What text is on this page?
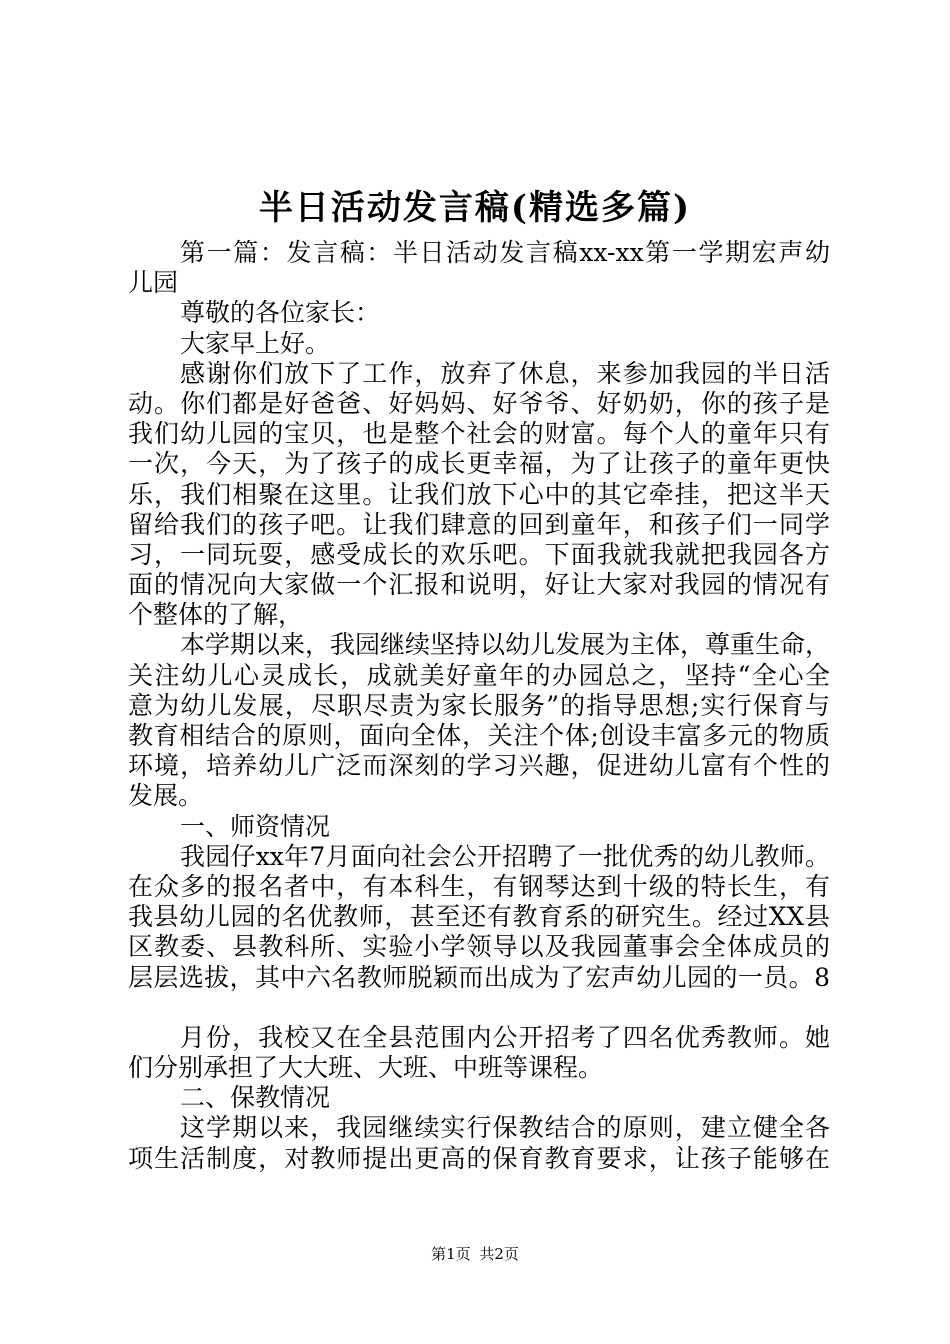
半日活动发言稿(精选多篇)
第一篇：发言稿：半日活动发言稿xx-xx第一学期宏声幼
儿园
尊敬的各位家长：
大家早上好。
感谢你们放下了工作，放弃了休息，来参加我园的半日活
动。你们都是好爸爸、好妈妈、好爷爷、好奶奶，你的孩子是
我们幼儿园的宝贝，也是整个社会的财富。每个人的童年只有
一次，今天，为了孩子的成长更幸福，为了让孩子的童年更快
乐，我们相聚在这里。让我们放下心中的其它牵挂，把这半天
留给我们的孩子吧。让我们肆意的回到童年，和孩子们一同学
习，一同玩耍，感受成长的欢乐吧。下面我就我就把我园各方
面的情况向大家做一个汇报和说明，好让大家对我园的情况有
个整体的了解，
本学期以来，我园继续坚持以幼儿发展为主体，尊重生命，
关注幼儿心灵成长，成就美好童年的办园总之，坚持“全心全
意为幼儿发展，尽职尽责为家长服务”的指导思想;实行保育与
教育相结合的原则，面向全体，关注个体;创设丰富多元的物质
环境，培养幼儿广泛而深刻的学习兴趣，促进幼儿富有个性的
发展。
一、师资情况
我园仔xx年7月面向社会公开招聘了一批优秀的幼儿教师。
在众多的报名者中，有本科生，有钢琴达到十级的特长生，有
我县幼儿园的名优教师，甚至还有教育系的研究生。经过XX县
区教委、县教科所、实验小学领导以及我园董事会全体成员的
层层选拔，其中六名教师脱颖而出成为了宏声幼儿园的一员。8
月份，我校又在全县范围内公开招考了四名优秀教师。她
们分别承担了大大班、大班、中班等课程。
二、保教情况
这学期以来，我园继续实行保教结合的原则，建立健全各
项生活制度，对教师提出更高的保育教育要求，让孩子能够在
第1页 共2页
